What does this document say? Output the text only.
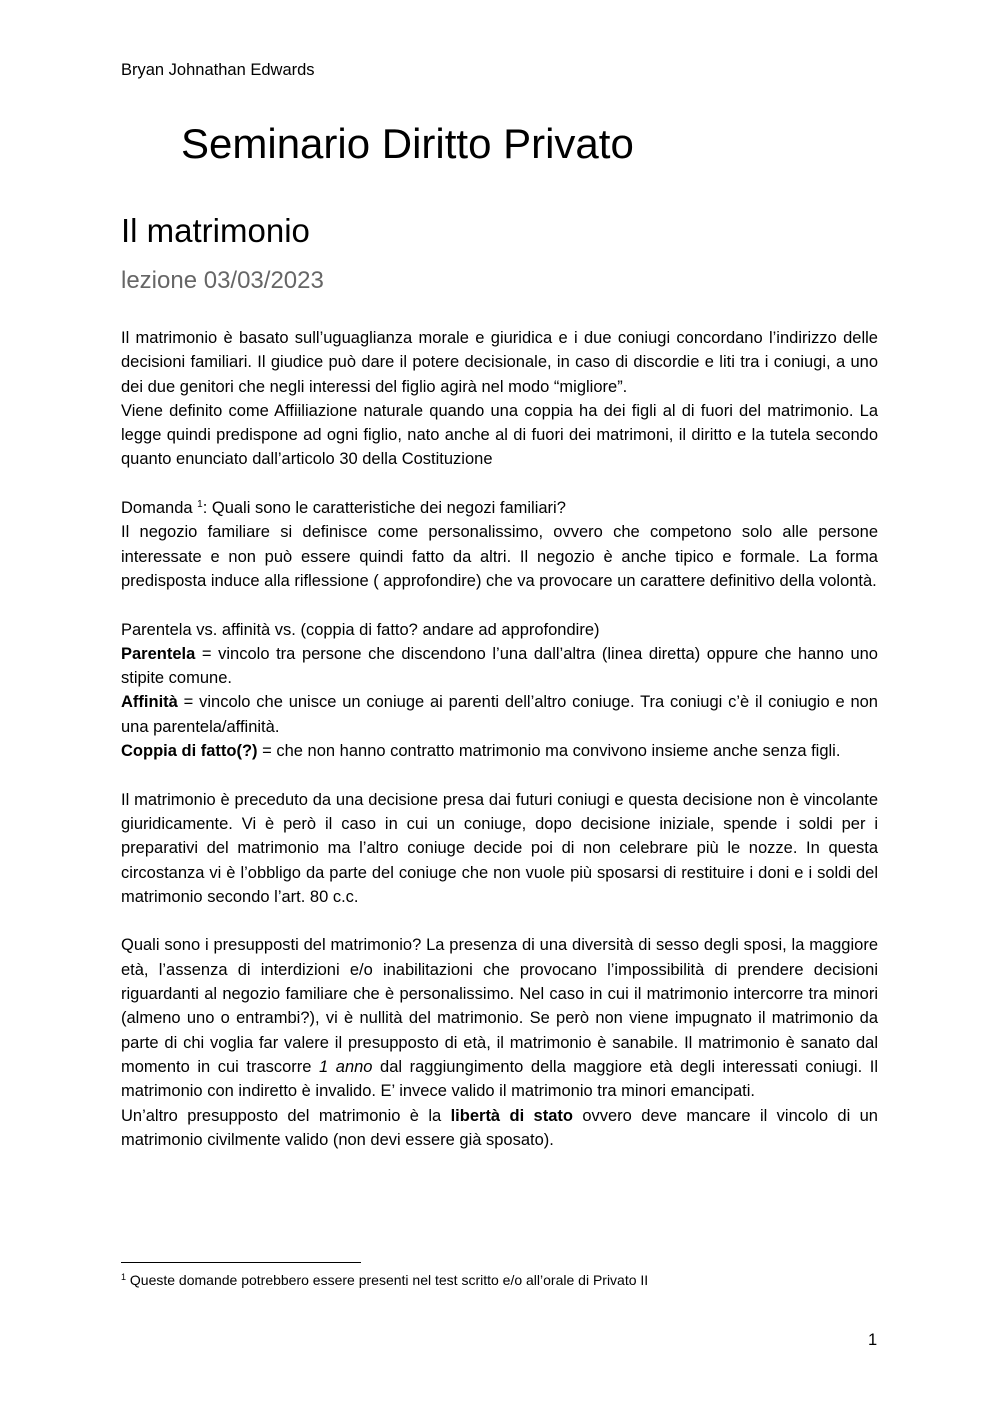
Bryan Johnathan Edwards
Seminario Diritto Privato
Il matrimonio
lezione 03/03/2023

Il matrimonio è basato sull’uguaglianza morale e giuridica e i due coniugi concordano l’indirizzo delle decisioni familiari. Il giudice può dare il potere decisionale, in caso di discordie e liti tra i coniugi, a uno dei due genitori che negli interessi del figlio agirà nel modo “migliore”.

Viene definito come Affiiliazione naturale quando una coppia ha dei figli al di fuori del matrimonio. La legge quindi predispone ad ogni figlio, nato anche al di fuori dei matrimoni, il diritto e la tutela secondo quanto enunciato dall’articolo 30 della Costituzione

Domanda $^1$: Quali sono le caratteristiche dei negozi familiari?

Il negozio familiare si definisce come personalissimo, ovvero che competono solo alle persone interessate e non può essere quindi fatto da altri. Il negozio è anche tipico e formale. La forma predisposta induce alla riflessione ( approfondire) che va provocare un carattere definitivo della volontà.

Parentela vs. affinità vs. (coppia di fatto? andare ad approfondire)

Parentela = vincolo tra persone che discendono l’una dall’altra (linea diretta) oppure che hanno uno stipite comune.

Affinità = vincolo che unisce un coniuge ai parenti dell’altro coniuge. Tra coniugi c’è il coniugio e non una parentela/affinità.

Coppia di fatto(?) = che non hanno contratto matrimonio ma convivono insieme anche senza figli.

Il matrimonio è preceduto da una decisione presa dai futuri coniugi e questa decisione non è vincolante giuridicamente. Vi è però il caso in cui un coniuge, dopo decisione iniziale, spende i soldi per i preparativi del matrimonio ma l’altro coniuge decide poi di non celebrare più le nozze. In questa circostanza vi è l’obbligo da parte del coniuge che non vuole più sposarsi di restituire i doni e i soldi del matrimonio secondo l’art. 80 c.c.

Quali sono i presupposti del matrimonio? La presenza di una diversità di sesso degli sposi, la maggiore età, l’assenza di interdizioni e/o inabilitazioni che provocano l’impossibilità di prendere decisioni riguardanti al negozio familiare che è personalissimo. Nel caso in cui il matrimonio intercorre tra minori (almeno uno o entrambi?), vi è nullità del matrimonio. Se però non viene impugnato il matrimonio da parte di chi voglia far valere il presupposto di età, il matrimonio è sanabile. Il matrimonio è sanato dal momento in cui trascorre 1 anno dal raggiungimento della maggiore età degli interessati coniugi. Il matrimonio con indiretto è invalido. E’ invece valido il matrimonio tra minori emancipati.

Un’altro presupposto del matrimonio è la libertà di stato ovvero deve mancare il vincolo di un matrimonio civilmente valido (non devi essere già sposato).

$^1$ Queste domande potrebbero essere presenti nel test scritto e/o all’orale di Privato II
1
